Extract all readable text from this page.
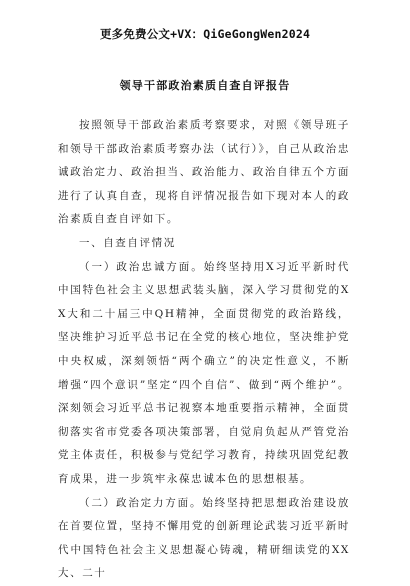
更多免费公文+VX：QiGeGongWen2024
领导干部政治素质自查自评报告

按照领导干部政治素质考察要求，对照《领导班子和领导干部政治素质考察办法（试行）》，自己从政治忠诚政治定力、政治担当、政治能力、政治自律五个方面进行了认真自查，现将自评情况报告如下现对本人的政治素质自查自评如下。

一、自查自评情况

（一）政治忠诚方面。始终坚持用X习近平新时代中国特色社会主义思想武装头脑，深入学习贯彻党的XX大和二十届三中QH精神，全面贯彻党的政治路线，坚决维护习近平总书记在全党的核心地位，坚决维护党中央权威，深刻领悟“两个确立”的决定性意义，不断增强“四个意识”坚定“四个自信”、做到“两个维护”。深刻领会习近平总书记视察本地重要指示精神，全面贯彻落实省市党委各项决策部署，自觉肩负起从严管党治党主体责任，积极参与党纪学习教育，持续巩固党纪教育成果，进一步筑牢永葆忠诚本色的思想根基。

（二）政治定力方面。始终坚持把思想政治建设放在首要位置，坚持不懈用党的创新理论武装习近平新时代中国特色社会主义思想凝心铸魂，精研细读党的XX大、二十
